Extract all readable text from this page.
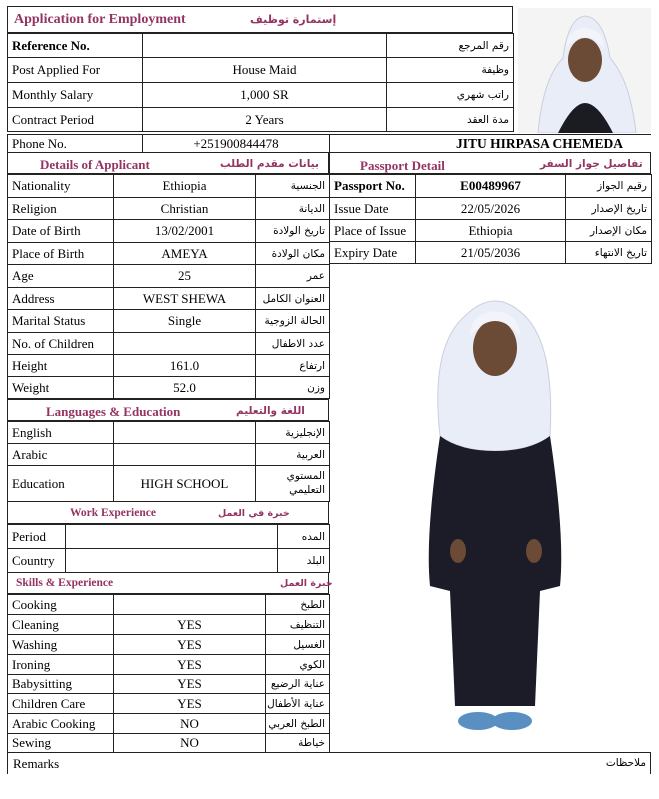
Application for Employment	إستمارة توظيف
Reference No.		رقم المرجع
Post Applied For	House Maid	وظيفة
Monthly Salary	1,000 SR	راتب شهري
Contract Period	2 Years	مدة العقد
Phone No.	+251900844478	JITU HIRPASA CHEMEDA
Details of Applicant	بيانات مقدم الطلب
Nationality	Ethiopia	الجنسية
Religion	Christian	الديانة
Date of Birth	13/02/2001	تاريخ الولادة
Place of Birth	AMEYA	مكان الولادة
Age	25	عمر
Address	WEST SHEWA	العنوان الكامل
Marital Status	Single	الحالة الزوجية
No. of Children		عدد الاطفال
Height	161.0	ارتفاع
Weight	52.0	وزن
Passport Detail	تفاصيل جواز السفر
Passport No.	E00489967	رقيم الجواز
Issue Date	22/05/2026	تاريخ الإصدار
Place of Issue	Ethiopia	مكان الإصدار
Expiry Date	21/05/2036	تاريخ الانتهاء
Languages & Education	اللغة والتعليم
English		الإنجليزية
Arabic		العربية
Education	HIGH SCHOOL	المستوي التعليمي
Work Experience	خبرة في العمل
Period		المده
Country		البلد
Skills & Experience	خبرة العمل
Cooking		الطبخ
Cleaning	YES	التنظيف
Washing	YES	الغسيل
Ironing	YES	الكوي
Babysitting	YES	عناية الرضيع
Children Care	YES	عناية الأطفال
Arabic Cooking	NO	الطبخ العربي
Sewing	NO	خياطة
Remarks	ملاحظات
